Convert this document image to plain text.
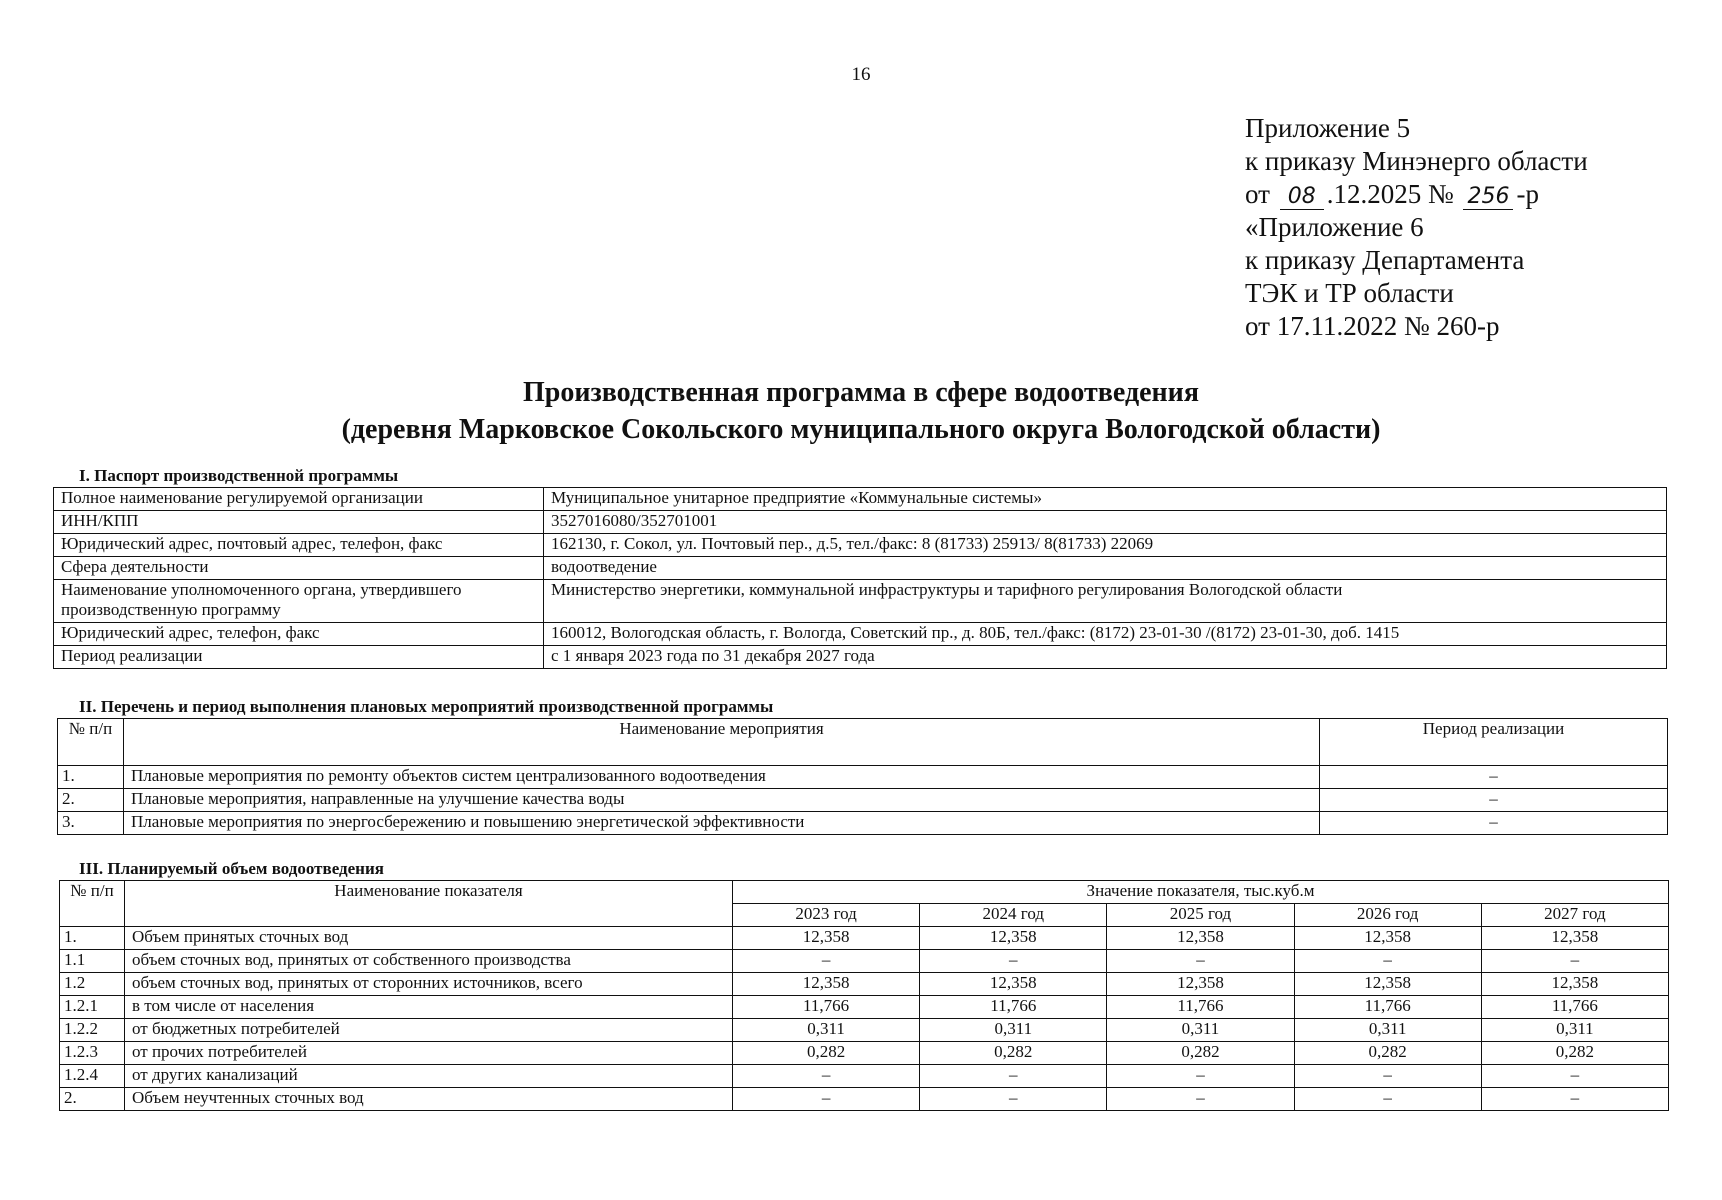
16
Приложение 5
к приказу Минэнерго области
от 08 .12.2025 № 256 -р
«Приложение 6
к приказу Департамента
ТЭК и ТР области
от 17.11.2022 № 260-р
Производственная программа в сфере водоотведения
(деревня Марковское Сокольского муниципального округа Вологодской области)
I. Паспорт производственной программы
Полное наименование регулируемой организации	Муниципальное унитарное предприятие «Коммунальные системы»
ИНН/КПП	3527016080/352701001
Юридический адрес, почтовый адрес, телефон, факс	162130, г. Сокол, ул. Почтовый пер., д.5, тел./факс: 8 (81733) 25913/ 8(81733) 22069
Сфера деятельности	водоотведение
Наименование уполномоченного органа, утвердившего производственную программу	Министерство энергетики, коммунальной инфраструктуры и тарифного регулирования Вологодской области
Юридический адрес, телефон, факс	160012, Вологодская область, г. Вологда, Советский пр., д. 80Б, тел./факс: (8172) 23-01-30 /(8172) 23-01-30, доб. 1415
Период реализации	с 1 января 2023 года по 31 декабря 2027 года
II. Перечень и период выполнения плановых мероприятий производственной программы
№ п/п	Наименование мероприятия	Период реализации
1.	Плановые мероприятия по ремонту объектов систем централизованного водоотведения	–
2.	Плановые мероприятия, направленные на улучшение качества воды	–
3.	Плановые мероприятия по энергосбережению и повышению энергетической эффективности	–
III. Планируемый объем водоотведения
№ п/п	Наименование показателя	Значение показателя, тыс.куб.м				
		2023 год	2024 год	2025 год	2026 год	2027 год
1.	Объем принятых сточных вод	12,358	12,358	12,358	12,358	12,358
1.1	объем сточных вод, принятых от собственного производства	–	–	–	–	–
1.2	объем сточных вод, принятых от сторонних источников, всего	12,358	12,358	12,358	12,358	12,358
1.2.1	в том числе от населения	11,766	11,766	11,766	11,766	11,766
1.2.2	от бюджетных потребителей	0,311	0,311	0,311	0,311	0,311
1.2.3	от прочих потребителей	0,282	0,282	0,282	0,282	0,282
1.2.4	от других канализаций	–	–	–	–	–
2.	Объем неучтенных сточных вод	–	–	–	–	–
